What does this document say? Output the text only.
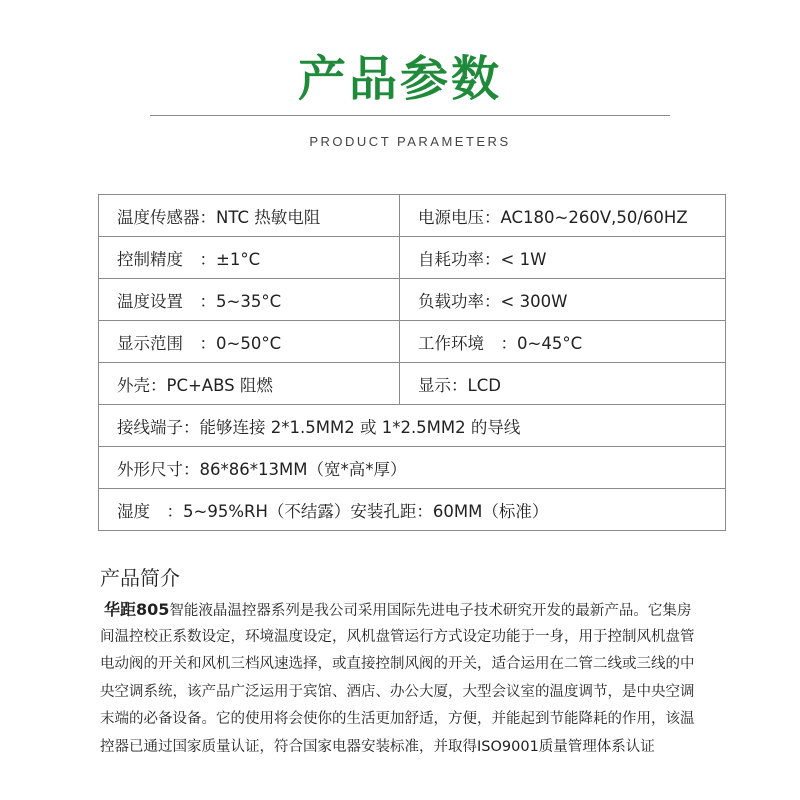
产品参数
PRODUCT PARAMETERS
温度传感器：NTC 热敏电阻	电源电压：AC180~260V,50/60HZ
控制精度　：±1°C	自耗功率：< 1W
温度设置　：5~35°C	负载功率：< 300W
显示范围　：0~50°C	工作环境　：0~45°C
外壳：PC+ABS 阻燃	显示：LCD
接线端子：能够连接 2*1.5MM2 或 1*2.5MM2 的导线	
外形尺寸：86*86*13MM（宽*高*厚）	
湿度　：5~95%RH（不结露）安装孔距：60MM（标准）	
产品简介
华距805智能液晶温控器系列是我公司采用国际先进电子技术研究开发的最新产品。它集房
间温控校正系数设定，环境温度设定，风机盘管运行方式设定功能于一身，用于控制风机盘管
电动阀的开关和风机三档风速选择，或直接控制风阀的开关，适合运用在二管二线或三线的中
央空调系统，该产品广泛运用于宾馆、酒店、办公大厦，大型会议室的温度调节，是中央空调
末端的必备设备。它的使用将会使你的生活更加舒适，方便，并能起到节能降耗的作用，该温
控器已通过国家质量认证，符合国家电器安装标准，并取得ISO9001质量管理体系认证
